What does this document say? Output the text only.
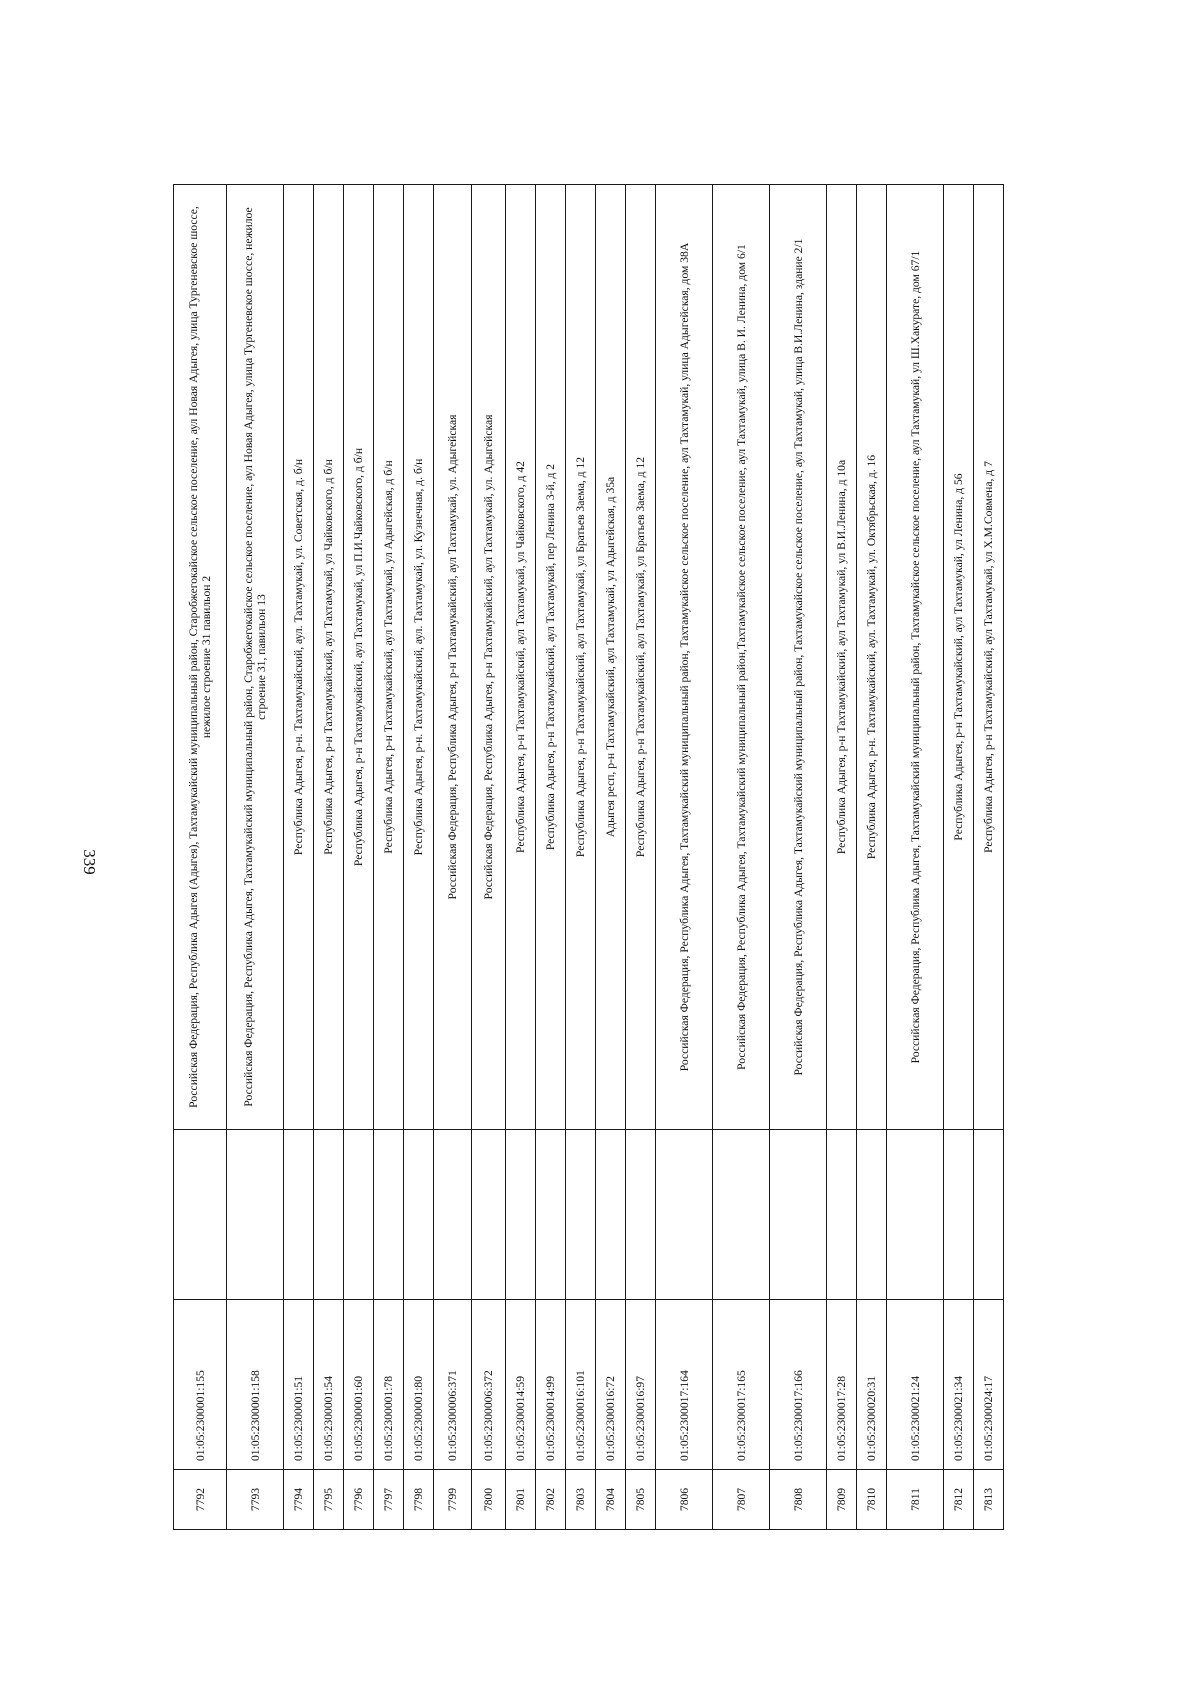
339
7792	01:05:2300001:155		Российская Федерация, Республика Адыгея (Адыгея), Тахтамукайский муниципальный район, Старобжегокайское сельское поселение, аул Новая Адыгея, улица Тургеневское шоссе, нежилое строение 31 павильон 2
7793	01:05:2300001:158		Российская Федерация, Республика Адыгея, Тахтамукайский муниципальный район, Старобжегокайское сельское поселение, аул Новая Адыгея, улица Тургеневское шоссе, нежилое строение 31, павильон 13
7794	01:05:2300001:51		Республика Адыгея, р-н. Тахтамукайский, аул. Тахтамукай, ул. Советская, д. б/н
7795	01:05:2300001:54		Республика Адыгея, р-н Тахтамукайский, аул Тахтамукай, ул Чайковского, д б/н
7796	01:05:2300001:60		Республика Адыгея, р-н Тахтамукайский, аул Тахтамукай, ул П.И.Чайковского, д б/н
7797	01:05:2300001:78		Республика Адыгея, р-н Тахтамукайский, аул Тахтамукай, ул Адыгейская, д б/н
7798	01:05:2300001:80		Республика Адыгея, р-н. Тахтамукайский, аул. Тахтамукай, ул. Кузнечная, д. б/н
7799	01:05:2300006:371		Российская Федерация, Республика Адыгея, р-н Тахтамукайский, аул Тахтамукай, ул. Адыгейская
7800	01:05:2300006:372		Российская Федерация, Республика Адыгея, р-н Тахтамукайский, аул Тахтамукай, ул. Адыгейская
7801	01:05:2300014:59		Республика Адыгея, р-н Тахтамукайский, аул Тахтамукай, ул Чайковского, д 42
7802	01:05:2300014:99		Республика Адыгея, р-н Тахтамукайский, аул Тахтамукай, пер Ленина 3-й, д 2
7803	01:05:2300016:101		Республика Адыгея, р-н Тахтамукайский, аул Тахтамукай, ул Братьев Заема, д 12
7804	01:05:2300016:72		Адыгея респ, р-н Тахтамукайский, аул Тахтамукай, ул Адыгейская, д 35а
7805	01:05:2300016:97		Республика Адыгея, р-н Тахтамукайский, аул Тахтамукай, ул Братьев Заема, д 12
7806	01:05:2300017:164		Российская Федерация, Республика Адыгея, Тахтамукайский муниципальный район, Тахтамукайское сельское поселение, аул Тахтамукай, улица Адыгейская, дом 38А
7807	01:05:2300017:165		Российская Федерация, Республика Адыгея, Тахтамукайский муниципальный район,Тахтамукайское сельское поселение, аул Тахтамукай, улица В. И. Ленина, дом 6/1
7808	01:05:2300017:166		Российская Федерация, Республика Адыгея, Тахтамукайский муниципальный район, Тахтамукайское сельское поселение, аул Тахтамукай, улица В.И.Ленина, здание 2/1
7809	01:05:2300017:28		Республика Адыгея, р-н Тахтамукайский, аул Тахтамукай, ул В.И.Ленина, д 10а
7810	01:05:2300020:31		Республика Адыгея, р-н. Тахтамукайский, аул. Тахтамукай, ул. Октябрьская, д. 16
7811	01:05:2300021:24		Российская Федерация, Республика Адыгея, Тахтамукайский муниципальный район, Тахтамукайское сельское поселение, аул Тахтамукай, ул Ш.Хакурате, дом 67/1
7812	01:05:2300021:34		Республика Адыгея, р-н Тахтамукайский, аул Тахтамукай, ул Ленина, д 56
7813	01:05:2300024:17		Республика Адыгея, р-н Тахтамукайский, аул Тахтамукай, ул Х.М.Совмена, д 7
